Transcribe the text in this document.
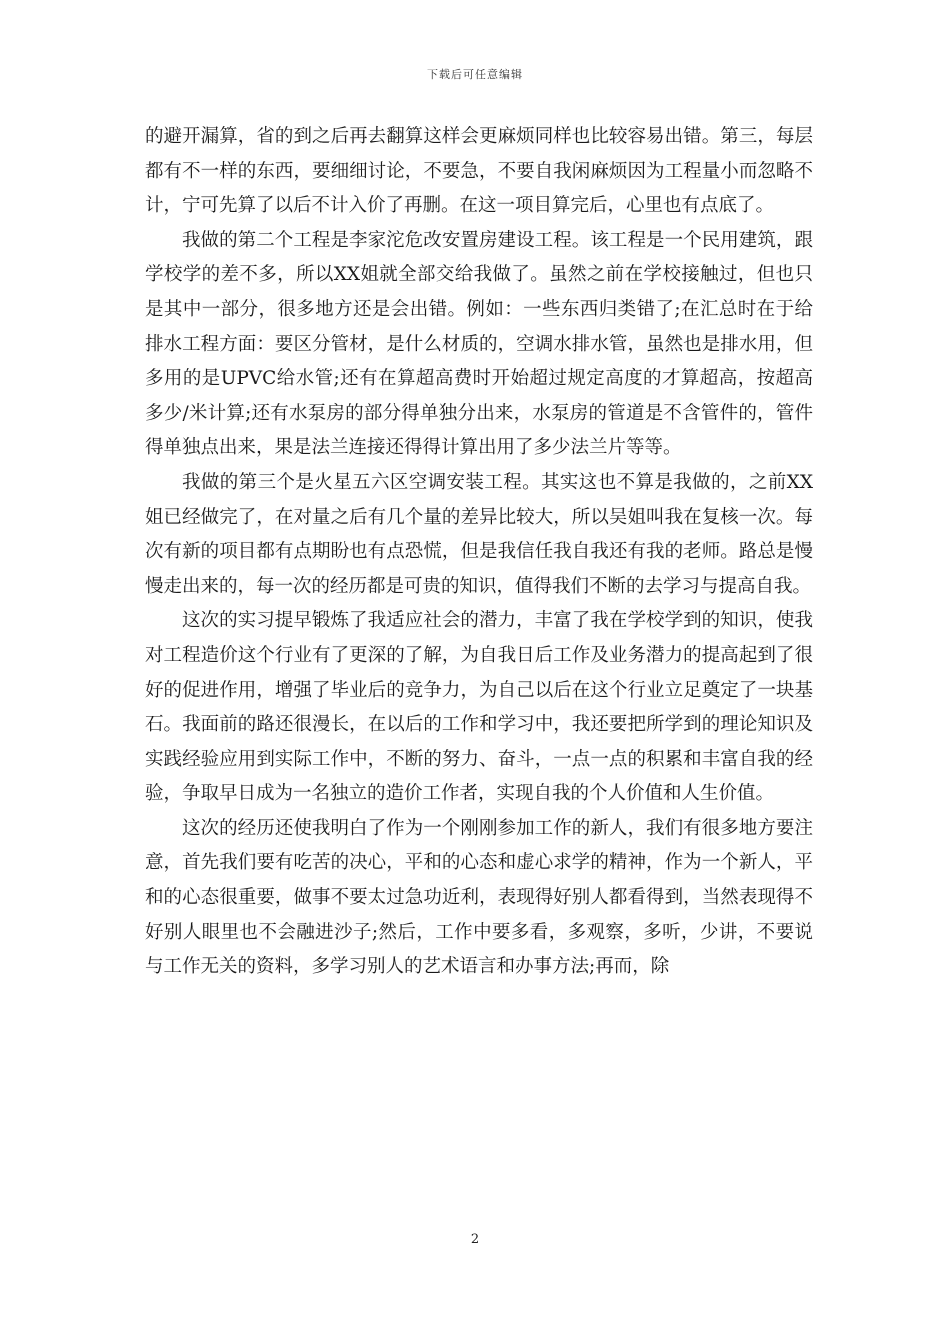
下载后可任意编辑

的避开漏算，省的到之后再去翻算这样会更麻烦同样也比较容易出错。第三，每层都有不一样的东西，要细细讨论，不要急，不要自我闲麻烦因为工程量小而忽略不计，宁可先算了以后不计入价了再删。在这一项目算完后，心里也有点底了。

我做的第二个工程是李家沱危改安置房建设工程。该工程是一个民用建筑，跟学校学的差不多，所以XX姐就全部交给我做了。虽然之前在学校接触过，但也只是其中一部分，很多地方还是会出错。例如：一些东西归类错了;在汇总时在于给排水工程方面：要区分管材，是什么材质的，空调水排水管，虽然也是排水用，但多用的是UPVC给水管;还有在算超高费时开始超过规定高度的才算超高，按超高多少/米计算;还有水泵房的部分得单独分出来，水泵房的管道是不含管件的，管件得单独点出来，果是法兰连接还得得计算出用了多少法兰片等等。

我做的第三个是火星五六区空调安装工程。其实这也不算是我做的，之前XX姐已经做完了，在对量之后有几个量的差异比较大，所以吴姐叫我在复核一次。每次有新的项目都有点期盼也有点恐慌，但是我信任我自我还有我的老师。路总是慢慢走出来的，每一次的经历都是可贵的知识，值得我们不断的去学习与提高自我。

这次的实习提早锻炼了我适应社会的潜力，丰富了我在学校学到的知识，使我对工程造价这个行业有了更深的了解，为自我日后工作及业务潜力的提高起到了很好的促进作用，增强了毕业后的竞争力，为自己以后在这个行业立足奠定了一块基石。我面前的路还很漫长，在以后的工作和学习中，我还要把所学到的理论知识及实践经验应用到实际工作中，不断的努力、奋斗，一点一点的积累和丰富自我的经验，争取早日成为一名独立的造价工作者，实现自我的个人价值和人生价值。

这次的经历还使我明白了作为一个刚刚参加工作的新人，我们有很多地方要注意，首先我们要有吃苦的决心，平和的心态和虚心求学的精神，作为一个新人，平和的心态很重要，做事不要太过急功近利，表现得好别人都看得到，当然表现得不好别人眼里也不会融进沙子;然后，工作中要多看，多观察，多听，少讲，不要说与工作无关的资料，多学习别人的艺术语言和办事方法;再而，除

2
